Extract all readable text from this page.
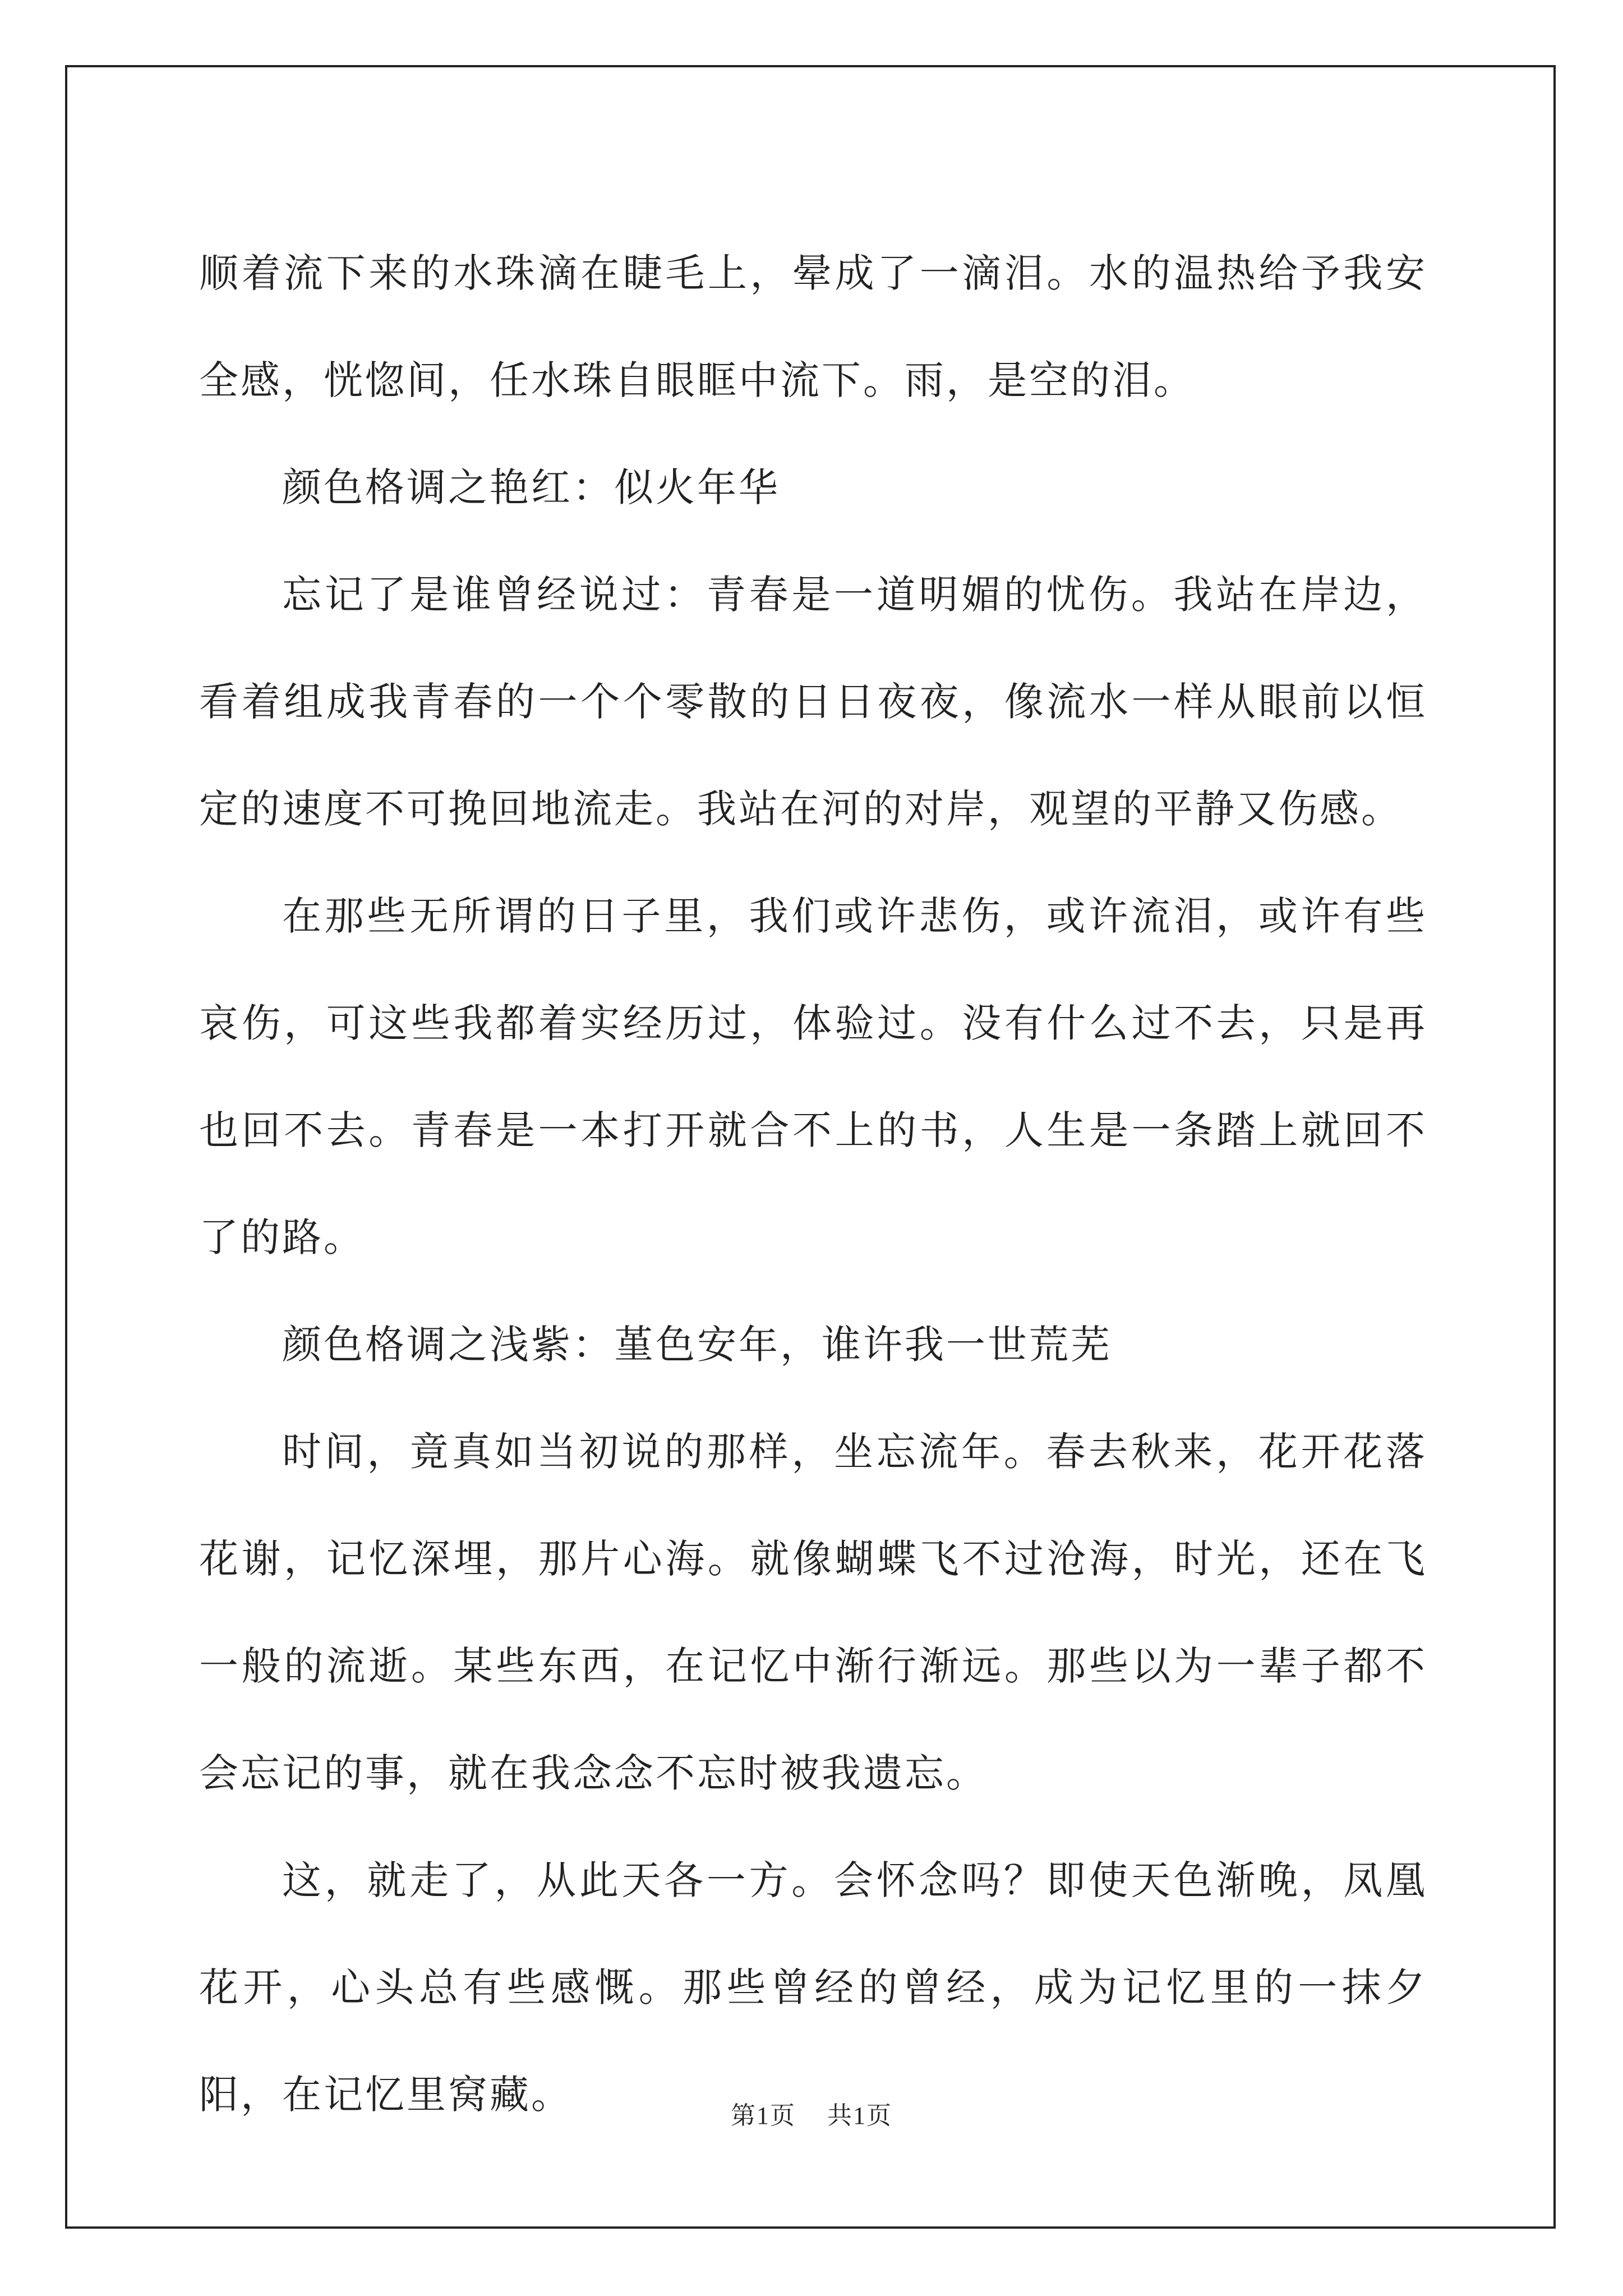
顺着流下来的水珠滴在睫毛上，晕成了一滴泪。水的温热给予我安全感，恍惚间，任水珠自眼眶中流下。雨，是空的泪。

颜色格调之艳红：似火年华

忘记了是谁曾经说过：青春是一道明媚的忧伤。我站在岸边，看着组成我青春的一个个零散的日日夜夜，像流水一样从眼前以恒定的速度不可挽回地流走。我站在河的对岸，观望的平静又伤感。

在那些无所谓的日子里，我们或许悲伤，或许流泪，或许有些哀伤，可这些我都着实经历过，体验过。没有什么过不去，只是再也回不去。青春是一本打开就合不上的书，人生是一条踏上就回不了的路。

颜色格调之浅紫：堇色安年，谁许我一世荒芜

时间，竟真如当初说的那样，坐忘流年。春去秋来，花开花落花谢，记忆深埋，那片心海。就像蝴蝶飞不过沧海，时光，还在飞一般的流逝。某些东西，在记忆中渐行渐远。那些以为一辈子都不会忘记的事，就在我念念不忘时被我遗忘。

这，就走了，从此天各一方。会怀念吗？即使天色渐晚，凤凰花开，心头总有些感慨。那些曾经的曾经，成为记忆里的一抹夕阳，在记忆里窝藏。	第1页 共1页
